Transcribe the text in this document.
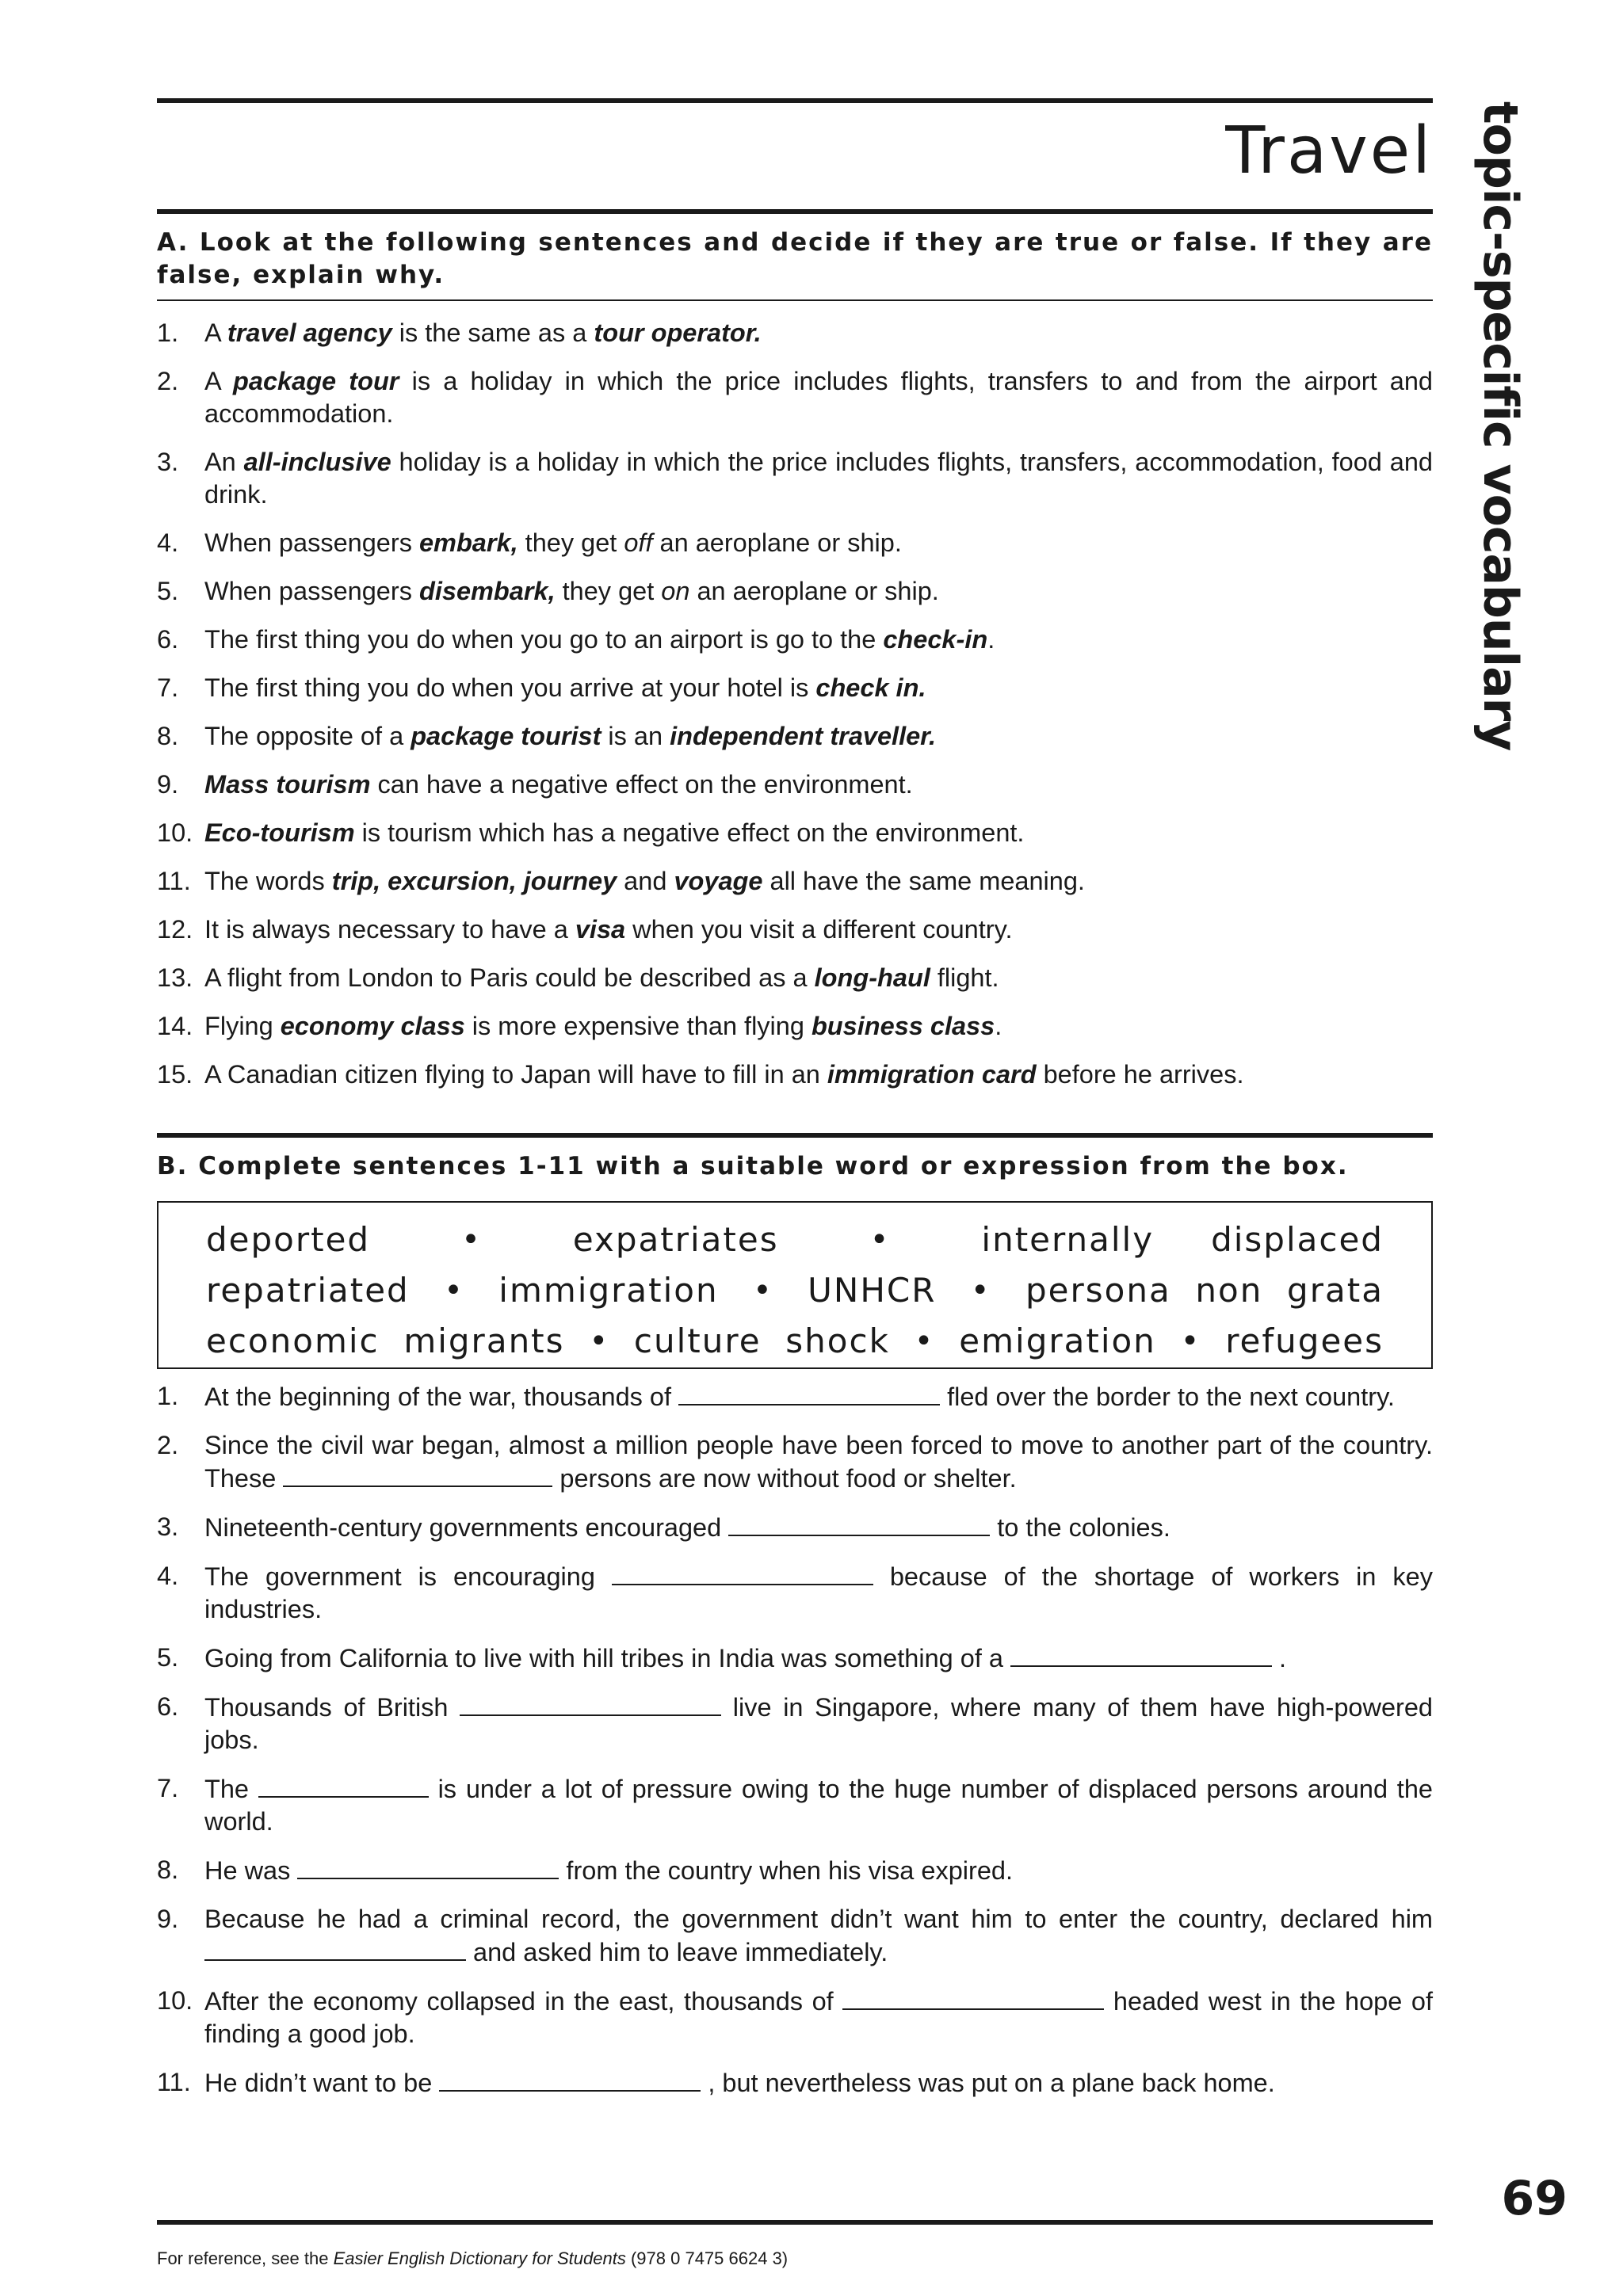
Travel topic-specific vocabulary
A. Look at the following sentences and decide if they are true or false. If they are false, explain why.
1. A travel agency is the same as a tour operator.
2. A package tour is a holiday in which the price includes flights, transfers to and from the airport and accommodation.
3. An all-inclusive holiday is a holiday in which the price includes flights, transfers, accommodation, food and drink.
4. When passengers embark, they get off an aeroplane or ship.
5. When passengers disembark, they get on an aeroplane or ship.
6. The first thing you do when you go to an airport is go to the check-in.
7. The first thing you do when you arrive at your hotel is check in.
8. The opposite of a package tourist is an independent traveller.
9. Mass tourism can have a negative effect on the environment.
10. Eco-tourism is tourism which has a negative effect on the environment.
11. The words trip, excursion, journey and voyage all have the same meaning.
12. It is always necessary to have a visa when you visit a different country.
13. A flight from London to Paris could be described as a long-haul flight.
14. Flying economy class is more expensive than flying business class.
15. A Canadian citizen flying to Japan will have to fill in an immigration card before he arrives.
B. Complete sentences 1-11 with a suitable word or expression from the box.
deported	•	expatriates	•	internally displaced
repatriated • immigration • UNHCR • persona  non  grata
economic  migrants • culture  shock • emigration • refugees
1. At the beginning of the war, thousands of	fled over the border to the next country.
2. Since the civil war began, almost a million people have been forced to move to another part of the country. These	persons are now without food or shelter.
3. Nineteenth-century governments encouraged	to the colonies.
4. The government is encouraging	because of the shortage of workers in key industries.
5. Going from California to live with hill tribes in India was something of a	.
6. Thousands of British	live in Singapore, where many of them have high-powered jobs.
7. The	is under a lot of pressure owing to the huge number of displaced persons around the world.
8. He was	from the country when his visa expired.
9. Because he had a criminal record, the government didn’t want him to enter the country, declared him  and asked him to leave immediately.
10. After the economy collapsed in the east, thousands of	headed west in the hope of finding a good job.
11. He didn’t want to be	, but nevertheless was put on a plane back home.
69
For reference, see the Easier English Dictionary for Students (978 0 7475 6624 3)
